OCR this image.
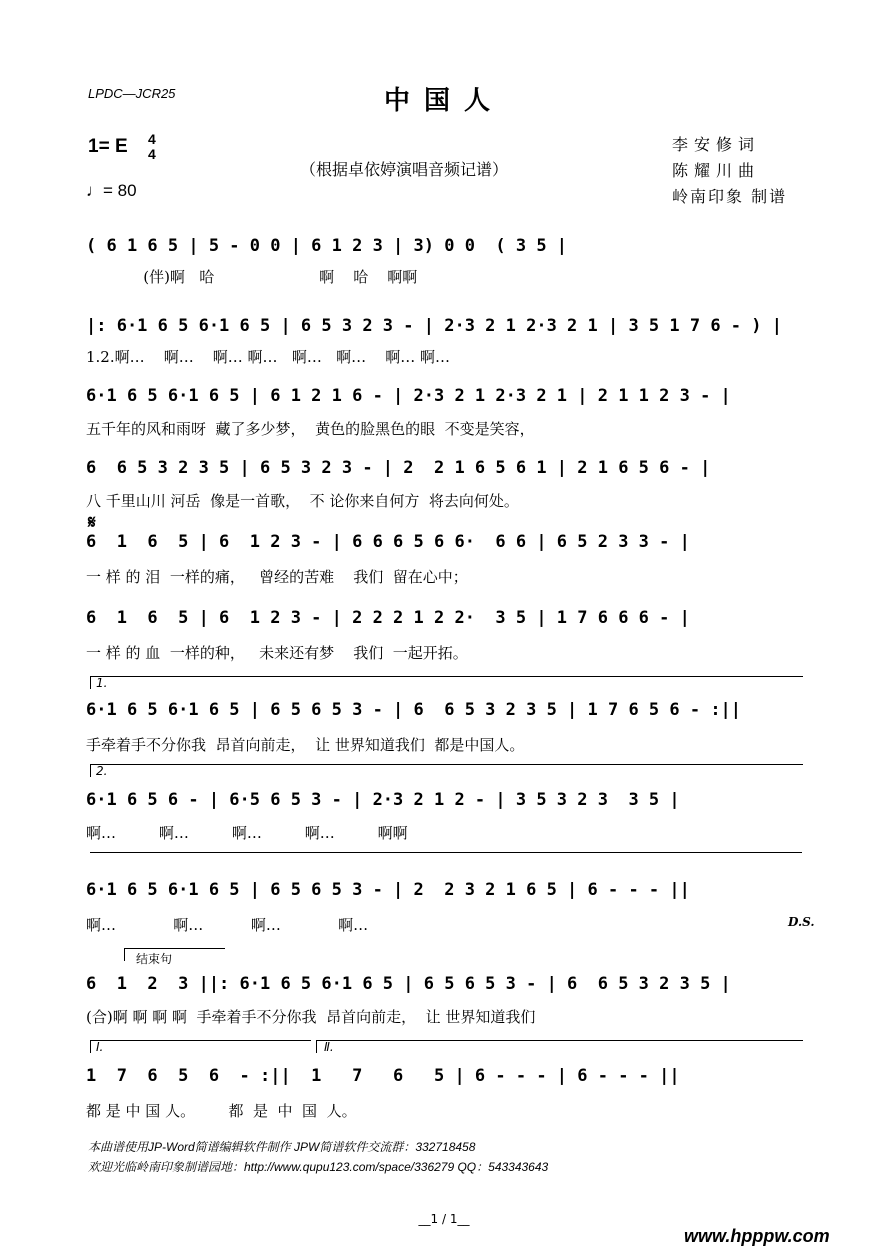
LPDC—JCR25	中国人
1= E 4
4
♩= 80
（根据卓依婷演唱音频记谱）
李安修词
陈耀川曲
岭南印象 制谱
( 6 1 6 5 | 5 - 0 0 | 6 1 2 3 | 3) 0 0  ( 3 5 |
(伴)啊   哈                      啊    哈    啊啊
|: 6·1 6 5 6·1 6 5 | 6 5 3 2 3 - | 2·3 2 1 2·3 2 1 | 3 5 1 7 6 - ) |
1.2.啊…    啊…    啊… 啊…   啊…   啊…    啊… 啊…
6·1 6 5 6·1 6 5 | 6 1 2 1 6 - | 2·3 2 1 2·3 2 1 | 2 1 1 2 3 - |
五千年的风和雨呀  藏了多少梦，  黄色的脸黑色的眼  不变是笑容，
6  6 5 3 2 3 5 | 6 5 3 2 3 - | 2  2 1 6 5 6 1 | 2 1 6 5 6 - |
八 千里山川 河岳  像是一首歌，  不 论你来自何方  将去向何处。
𝄋
6  1  6  5 | 6  1 2 3 - | 6 6 6 5 6 6·  6 6 | 6 5 2 3 3 - |
一 样 的 泪  一样的痛，   曾经的苦难    我们  留在心中；
6  1  6  5 | 6  1 2 3 - | 2 2 2 1 2 2·  3 5 | 1 7 6 6 6 - |
一 样 的 血  一样的种，   未来还有梦    我们  一起开拓。
1.
6·1 6 5 6·1 6 5 | 6 5 6 5 3 - | 6  6 5 3 2 3 5 | 1 7 6 5 6 - :||
手牵着手不分你我  昂首向前走，  让 世界知道我们  都是中国人。
2.
6·1 6 5 6 - | 6·5 6 5 3 - | 2·3 2 1 2 - | 3 5 3 2 3  3 5 |
啊…         啊…         啊…         啊…         啊啊
6·1 6 5 6·1 6 5 | 6 5 6 5 3 - | 2  2 3 2 1 6 5 | 6 - - - ||
啊…            啊…          啊…            啊…	D.S.
结束句
6  1  2  3 ||: 6·1 6 5 6·1 6 5 | 6 5 6 5 3 - | 6  6 5 3 2 3 5 |
(合)啊 啊 啊 啊  手牵着手不分你我  昂首向前走，  让 世界知道我们
Ⅰ.	Ⅱ.
1  7  6  5  6  - :||  1   7   6   5 | 6 - - - | 6 - - - ||
都 是 中 国 人。       都  是  中  国  人。
本曲谱使用JP-Word简谱编辑软件制作 JPW简谱软件交流群：332718458
欢迎光临岭南印象制谱园地：http://www.qupu123.com/space/336279 QQ：543343643
__1 / 1__
www.hpppw.com
